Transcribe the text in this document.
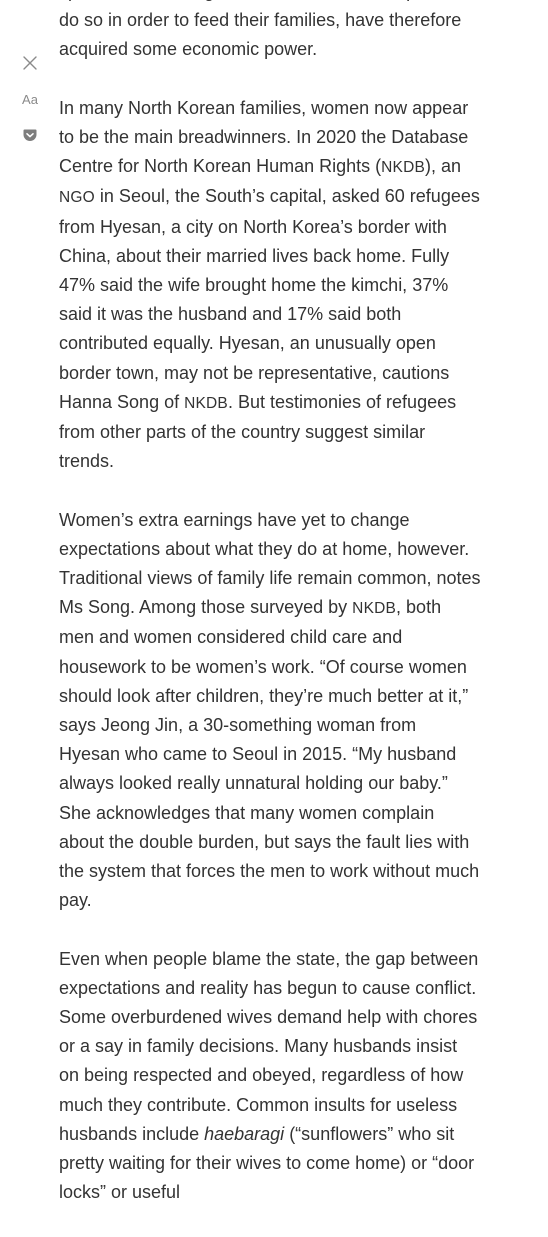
Aa

do so in order to feed their families, have therefore acquired some economic power.

In many North Korean families, women now appear to be the main breadwinners. In 2020 the Database Centre for North Korean Human Rights (NKDB), an NGO in Seoul, the South’s capital, asked 60 refugees from Hyesan, a city on North Korea’s border with China, about their married lives back home. Fully 47% said the wife brought home the kimchi, 37% said it was the husband and 17% said both contributed equally. Hyesan, an unusually open border town, may not be representative, cautions Hanna Song of NKDB. But testimonies of refugees from other parts of the country suggest similar trends.

Women’s extra earnings have yet to change expectations about what they do at home, however. Traditional views of family life remain common, notes Ms Song. Among those surveyed by NKDB, both men and women considered child care and housework to be women’s work. “Of course women should look after children, they’re much better at it,” says Jeong Jin, a 30-something woman from Hyesan who came to Seoul in 2015. “My husband always looked really unnatural holding our baby.” She acknowledges that many women complain about the double burden, but says the fault lies with the system that forces the men to work without much pay.

Even when people blame the state, the gap between expectations and reality has begun to cause conflict. Some overburdened wives demand help with chores or a say in family decisions. Many husbands insist on being respected and obeyed, regardless of how much they contribute. Common insults for useless husbands include haebaragi (“sunflowers” who sit pretty waiting for their wives to come home) or “door locks” or useful
